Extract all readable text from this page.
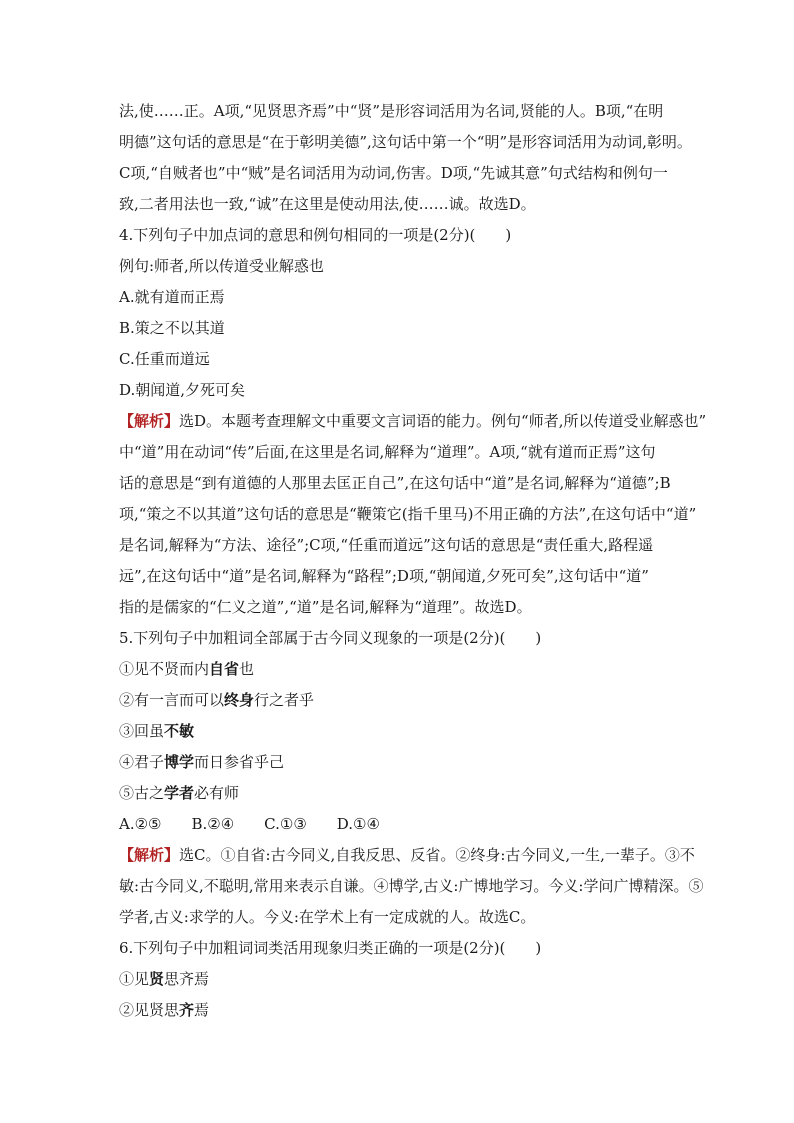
法,使……正。A项,“见贤思齐焉”中“贤”是形容词活用为名词,贤能的人。B项,“在明
明德”这句话的意思是“在于彰明美德”,这句话中第一个“明”是形容词活用为动词,彰明。
C项,“自贼者也”中“贼”是名词活用为动词,伤害。D项,“先诚其意”句式结构和例句一
致,二者用法也一致,“诚”在这里是使动用法,使……诚。故选D。
4.下列句子中加点词的意思和例句相同的一项是(2分)(　　)
例句:师者,所以传道受业解惑也
A.就有道而正焉
B.策之不以其道
C.任重而道远
D.朝闻道,夕死可矣
【解析】选D。本题考查理解文中重要文言词语的能力。例句“师者,所以传道受业解惑也”
中“道”用在动词“传”后面,在这里是名词,解释为“道理”。A项,“就有道而正焉”这句
话的意思是“到有道德的人那里去匡正自己”,在这句话中“道”是名词,解释为“道德”;B
项,“策之不以其道”这句话的意思是“鞭策它(指千里马)不用正确的方法”,在这句话中“道”
是名词,解释为“方法、途径”;C项,“任重而道远”这句话的意思是“责任重大,路程遥
远”,在这句话中“道”是名词,解释为“路程”;D项,“朝闻道,夕死可矣”,这句话中“道”
指的是儒家的“仁义之道”,“道”是名词,解释为“道理”。故选D。
5.下列句子中加粗词全部属于古今同义现象的一项是(2分)(　　)
①见不贤而内自省也
②有一言而可以终身行之者乎
③回虽不敏
④君子博学而日参省乎己
⑤古之学者必有师
A.②⑤　　B.②④　　C.①③　　D.①④
【解析】选C。①自省:古今同义,自我反思、反省。②终身:古今同义,一生,一辈子。③不
敏:古今同义,不聪明,常用来表示自谦。④博学,古义:广博地学习。今义:学问广博精深。⑤
学者,古义:求学的人。今义:在学术上有一定成就的人。故选C。
6.下列句子中加粗词词类活用现象归类正确的一项是(2分)(　　)
①见贤思齐焉
②见贤思齐焉
